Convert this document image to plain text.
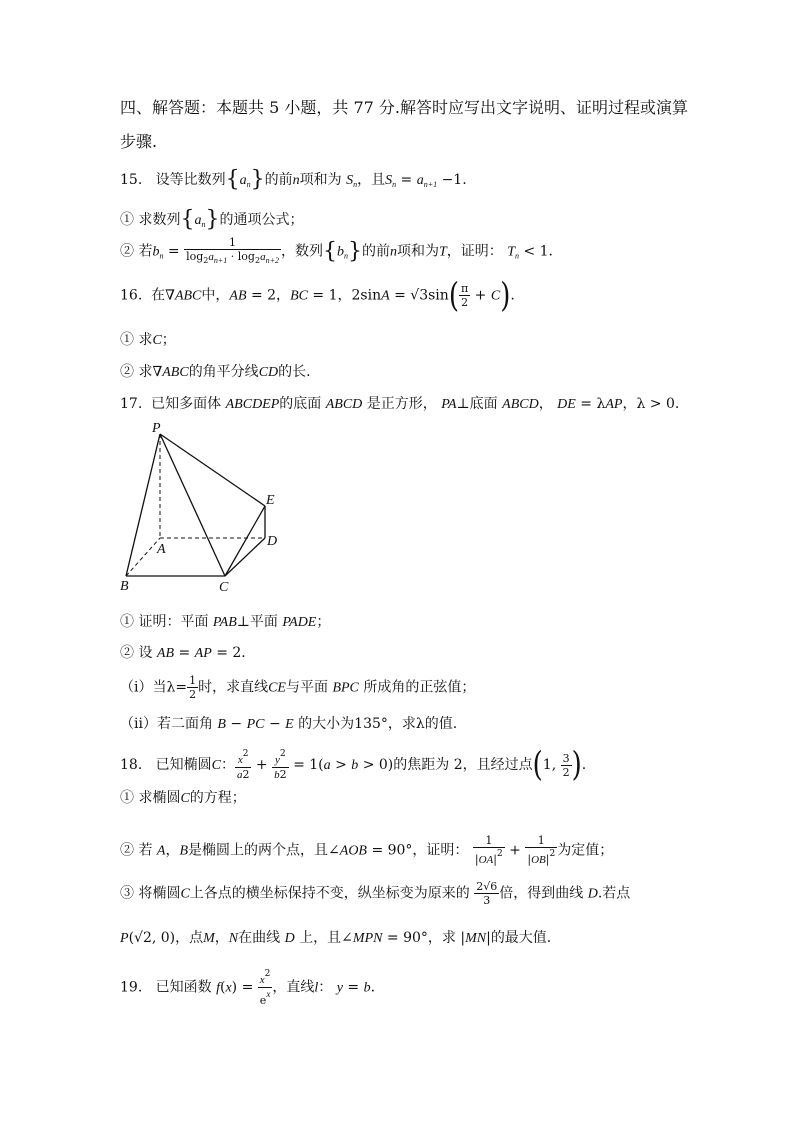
四、解答题：本题共 5 小题，共 77 分.解答时应写出文字说明、证明过程或演算
步骤.
15. 设等比数列$\{a_n\}$的前n项和为 $S_n$，且$S_n = a_{n+1} -1$.
① 求数列$\{a_n\}$的通项公式；
② 若$b_n = \frac{1}{\log_2a_{n+1} \cdot \log_2a_{n+2}}$ ，数列$\{b_n\}$的前n项和为T，证明： $T_n < 1$.
16. 在∇ABC中，AB = 2，BC = 1，$2\sin A = √3\sin( \frac{\pi}{2} + C)$.
① 求C；
② 求∇ABC的角平分线CD的长.
17. 已知多面体 ABCDEP的底面 ABCD 是正方形， PA⊥底面 ABCD， DE = λAP，λ > 0.
P
E
A
D
B	C
① 证明：平面 PAB⊥平面 PADE；
② 设 AB = AP = 2.
（i）当$\lambda= \frac{1}{2}$ 时，求直线CE与平面 BPC 所成角的正弦值；
（ii）若二面角 B − PC − E 的大小为135°，求λ的值.
18. 已知椭圆C： $\frac{x^2}{a2} + \frac{y^2}{b2} = 1(a > b > 0)$的焦距为 2，且经过点(1, $\frac{3}{2}$ ).
① 求椭圆C的方程；
② 若 A，B是椭圆上的两个点，且∠AOB = 90°，证明： $\frac{1}{|OA|^2} + \frac{1}{|OB|^2}$ 为定值；
③ 将椭圆C上各点的横坐标保持不变，纵坐标变为原来的 $\frac{2√6}{3}$ 倍，得到曲线 D.若点
P(√2, 0)，点M，N在曲线 D 上，且∠MPN = 90°，求 |MN|的最大值.
19. 已知函数 $f(x) = \frac{x^2}{e^x}$ ，直线l： y = b.
